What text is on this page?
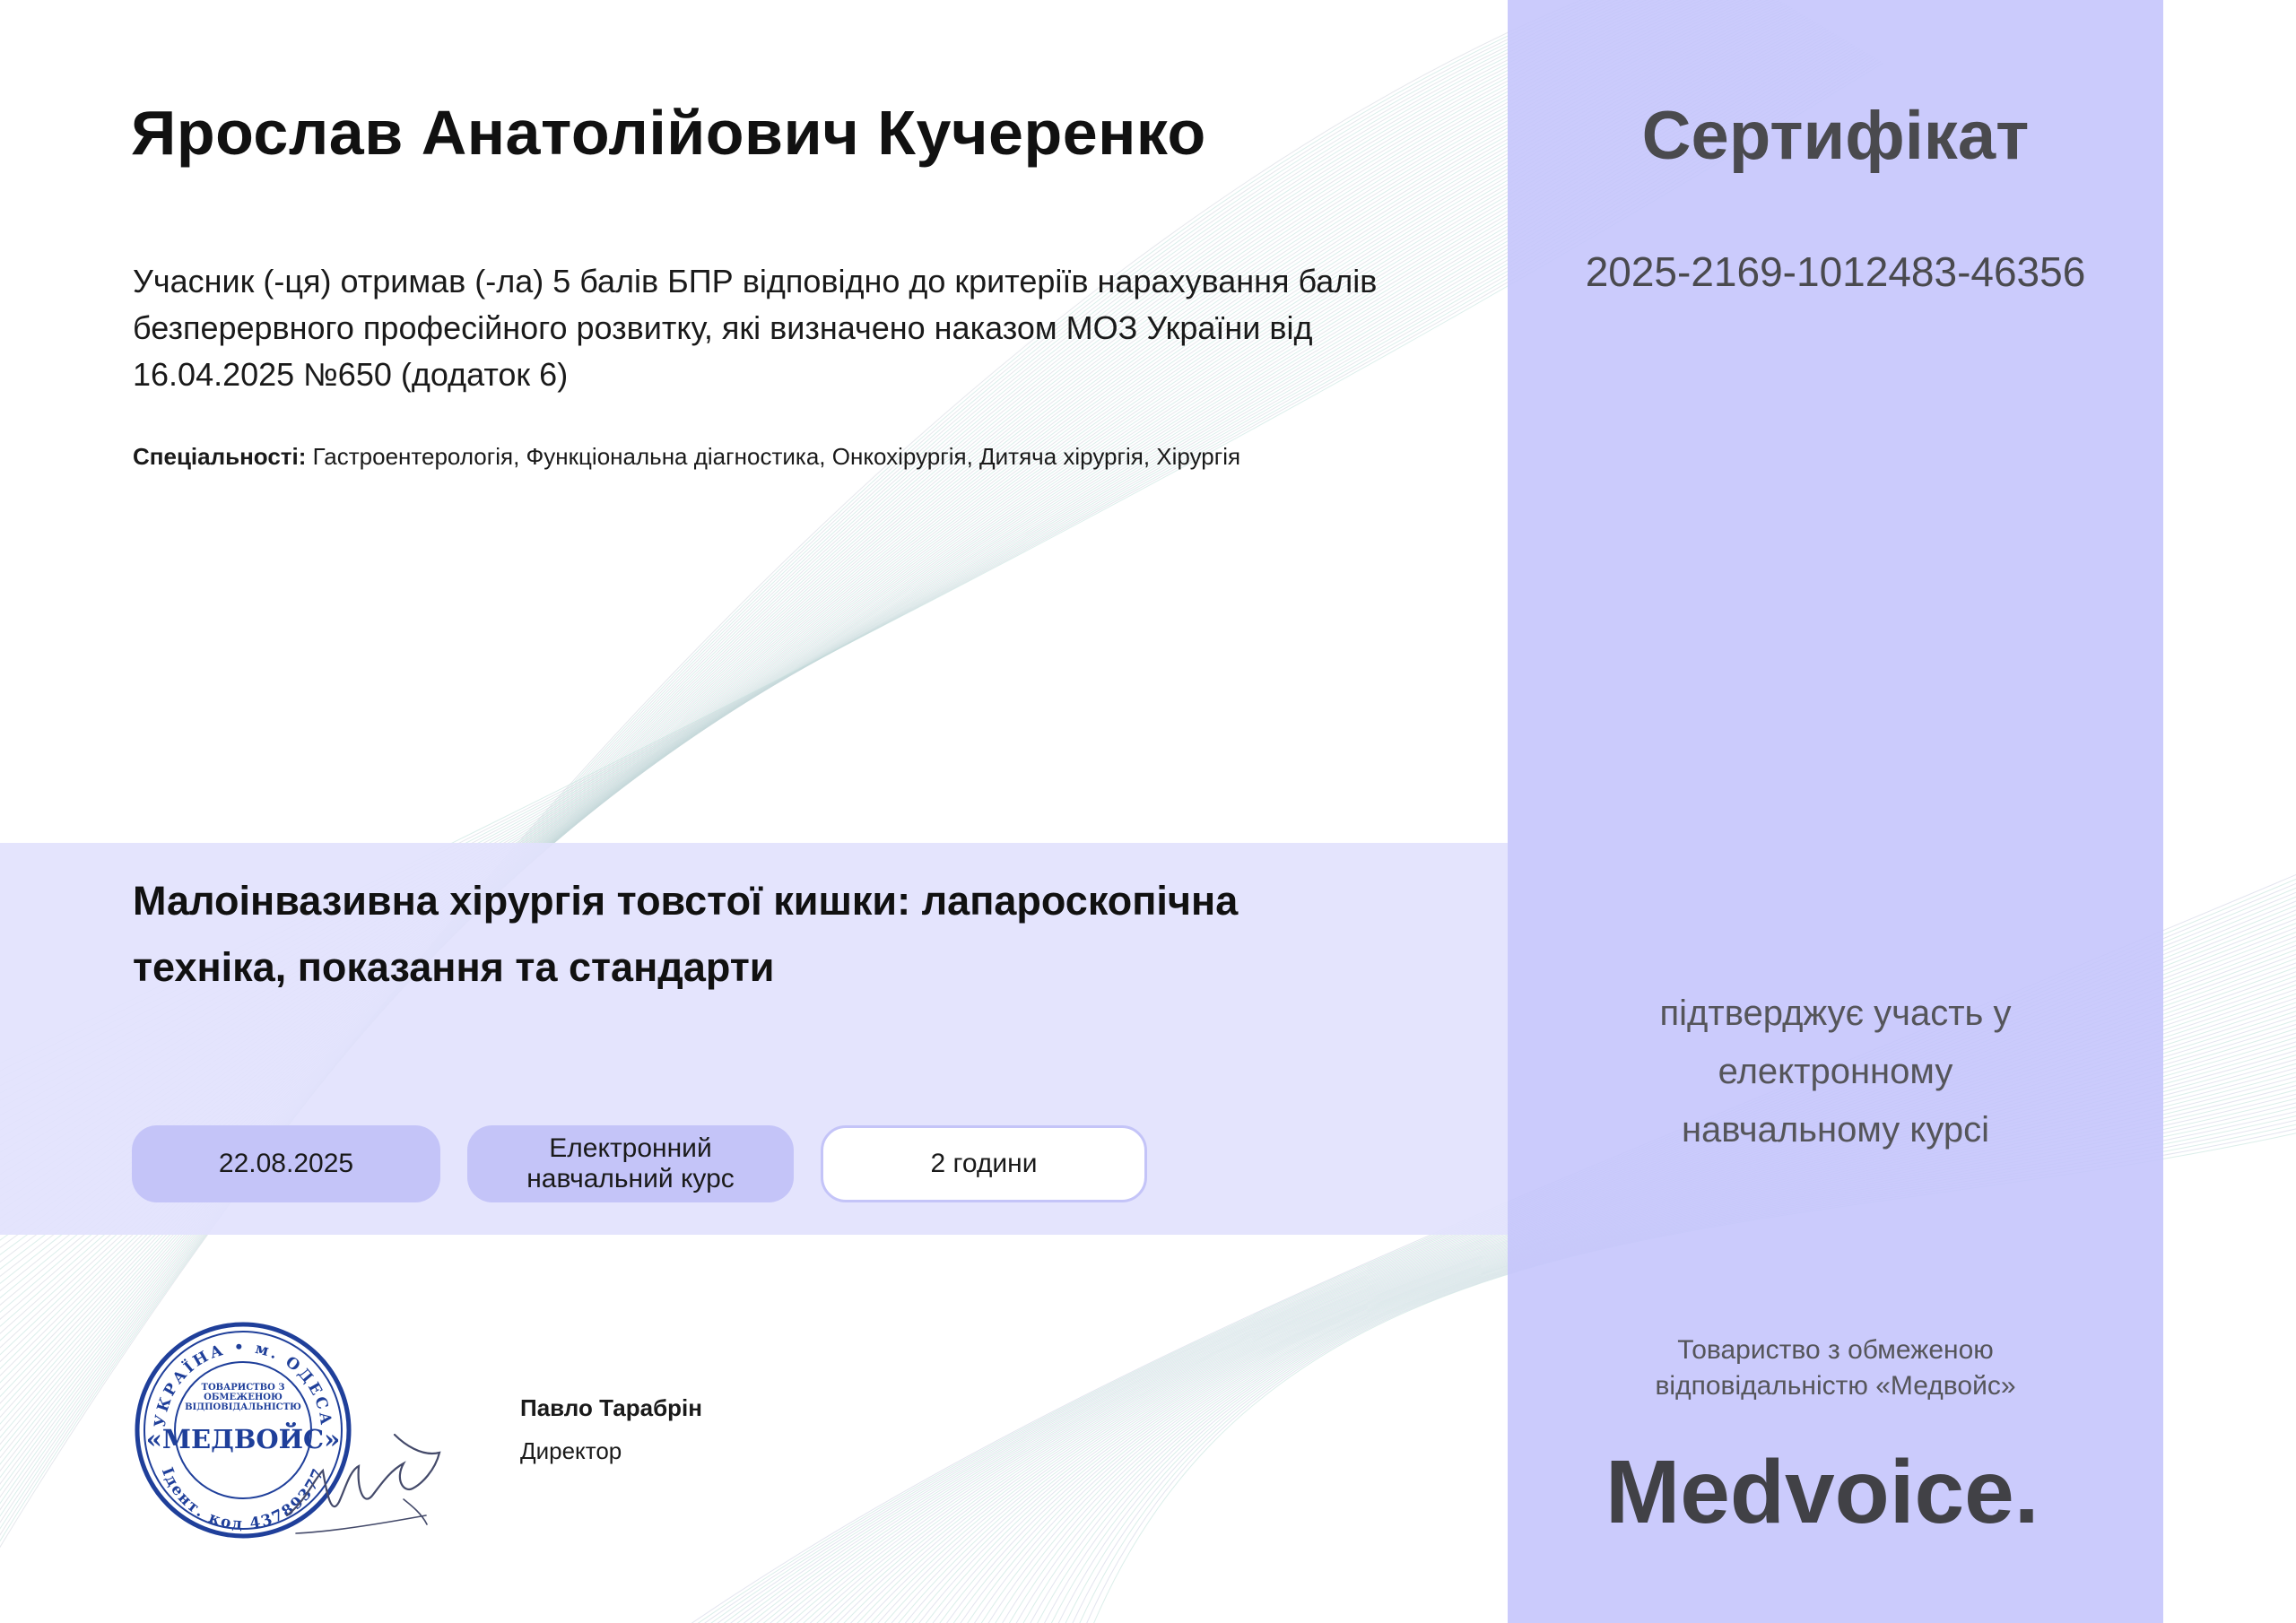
Ярослав Анатолійович Кучеренко
Учасник (-ця) отримав (-ла) 5 балів БПР відповідно до критеріїв нарахування балів безперервного професійного розвитку, які визначено наказом МОЗ України від 16.04.2025 №650 (додаток 6)
Спеціальності: Гастроентерологія, Функціональна діагностика, Онкохірургія, Дитяча хірургія, Хірургія
Малоінвазивна хірургія товстої кишки: лапароскопічна техніка, показання та стандарти
22.08.2025
Електронний навчальний курс
2 години
Сертифікат
2025-2169-1012483-46356
підтверджує участь у електронному навчальному курсі
Товариство з обмеженою відповідальністю «Медвойс»
Medvoice.
УКРАЇНА • м. ОДЕСА
Ідент. код 43789377
ТОВАРИСТВО З ОБМЕЖЕНОЮ ВІДПОВІДАЛЬНІСТЮ
«МЕДВОЙС»
Павло Тарабрін
Директор
